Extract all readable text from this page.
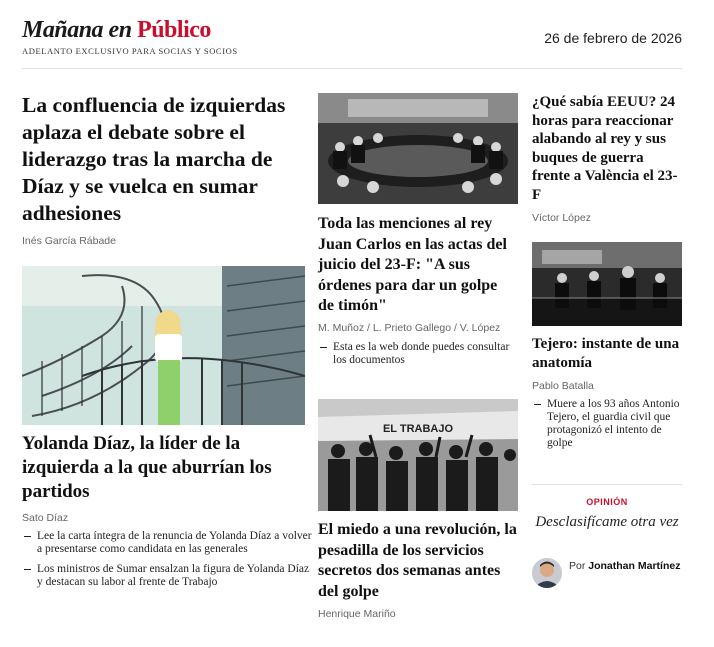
Mañana en Público
ADELANTO EXCLUSIVO PARA SOCIAS Y SOCIOS
26 de febrero de 2026
La confluencia de izquierdas aplaza el debate sobre el liderazgo tras la marcha de Díaz y se vuelca en sumar adhesiones
Inés García Rábade
Yolanda Díaz, la líder de la izquierda a la que aburrían los partidos
Sato Díaz
Lee la carta íntegra de la renuncia de Yolanda Díaz a volver a presentarse como candidata en las generales
Los ministros de Sumar ensalzan la figura de Yolanda Díaz y destacan su labor al frente de Trabajo
Toda las menciones al rey Juan Carlos en las actas del juicio del 23-F: "A sus órdenes para dar un golpe de timón"
M. Muñoz / L. Prieto Gallego / V. López
Esta es la web donde puedes consultar los documentos
EL TRABAJO
El miedo a una revolución, la pesadilla de los servicios secretos dos semanas antes del golpe
Henrique Mariño
¿Qué sabía EEUU? 24 horas para reaccionar alabando al rey y sus buques de guerra frente a València el 23-F
Víctor López
Tejero: instante de una anatomía
Pablo Batalla
Muere a los 93 años Antonio Tejero, el guardia civil que protagonizó el intento de golpe
OPINIÓN
Desclasifícame otra vez
Por Jonathan Martínez
